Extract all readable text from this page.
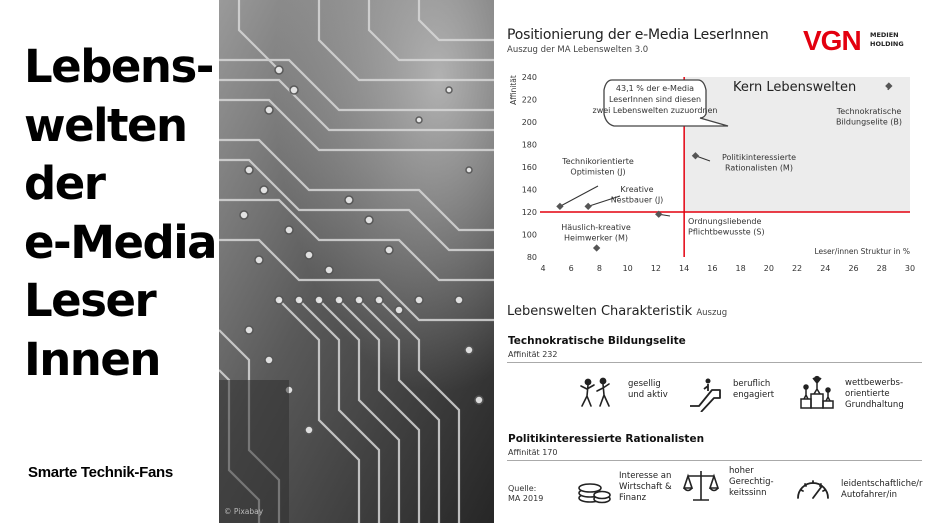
Lebens-
welten
der
e-Media
Leser
Innen
Smarte Technik-Fans
© Pixabay
Positionierung der e-Media LeserInnen
Auszug der MA Lebenswelten 3.0	VGN MEDIEN
HOLDING
Kern Lebenswelten
80
100
120
140
160
180
200
220
240
4	6	8	10 12 14 16 18 20 22 24 26 28 30
Affinität
Leser/innen Struktur in %
Technokratische
Bildungselite (B)
Politikinteressierte
Rationalisten (M)
Technikorientierte
Optimisten (J)
Kreative
Nestbauer (J)
Ordnungsliebende
Pflichtbewusste (S)
Häuslich-kreative
Heimwerker (M)
43,1 % der e-Media
LeserInnen sind diesen
zwei Lebenswelten zuzuordnen
Lebenswelten Charakteristik Auszug
Technokratische Bildungselite
Affinität 232
gesellig
und aktiv
beruflich
engagiert
wettbewerbs-
orientierte
Grundhaltung
Politikinteressierte Rationalisten
Affinität 170
Quelle:
MA 2019
Interesse an
Wirtschaft &
Finanz
hoher
Gerechtig-
keitssinn
leidentschaftliche/r
Autofahrer/in
